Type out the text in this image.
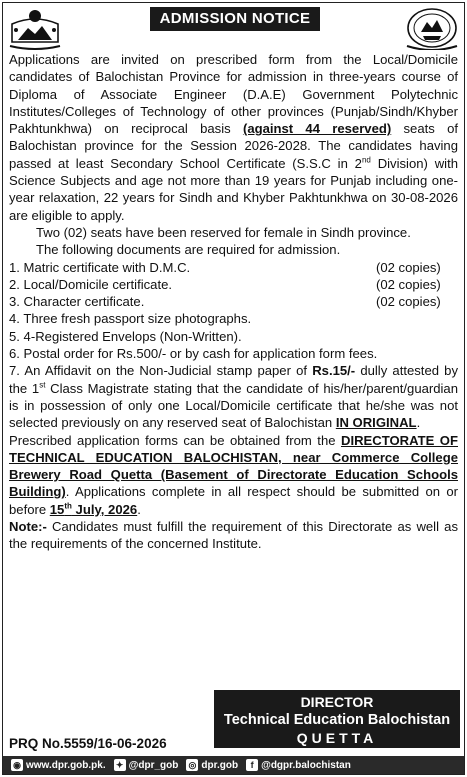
ADMISSION NOTICE

Applications are invited on prescribed form from the Local/Domicile candidates of Balochistan Province for admission in three-years course of Diploma of Associate Engineer (D.A.E) Government Polytechnic Institutes/Colleges of Technology of other provinces (Punjab/Sindh/Khyber Pakhtunkhwa) on reciprocal basis (against 44 reserved) seats of Balochistan province for the Session 2026-2028. The candidates having passed at least Secondary School Certificate (S.S.C in 2nd Division) with Science Subjects and age not more than 19 years for Punjab including one-year relaxation, 22 years for Sindh and Khyber Pakhtunkhwa on 30-08-2026 are eligible to apply.

Two (02) seats have been reserved for female in Sindh province.

The following documents are required for admission.

1. Matric certificate with D.M.C.	(02 copies)
2. Local/Domicile certificate.	(02 copies)
3. Character certificate.	(02 copies)
4. Three fresh passport size photographs.
5. 4-Registered Envelops (Non-Written).
6. Postal order for Rs.500/- or by cash for application form fees.

7. An Affidavit on the Non-Judicial stamp paper of Rs.15/- dully attested by the 1st Class Magistrate stating that the candidate of his/her/parent/guardian is in possession of only one Local/Domicile certificate that he/she was not selected previously on any reserved seat of Balochistan IN ORIGINAL.

Prescribed application forms can be obtained from the DIRECTORATE OF TECHNICAL EDUCATION BALOCHISTAN, near Commerce College Brewery Road Quetta (Basement of Directorate Education Schools Building). Applications complete in all respect should be submitted on or before 15th July, 2026.

Note:- Candidates must fulfill the requirement of this Directorate as well as the requirements of the concerned Institute.

DIRECTOR
Technical Education Balochistan
QUETTA
PRQ No.5559/16-06-2026
◉ www.dpr.gob.pk. ✦ @dpr_gob ◎ dpr.gob	f @dgpr.balochistan
